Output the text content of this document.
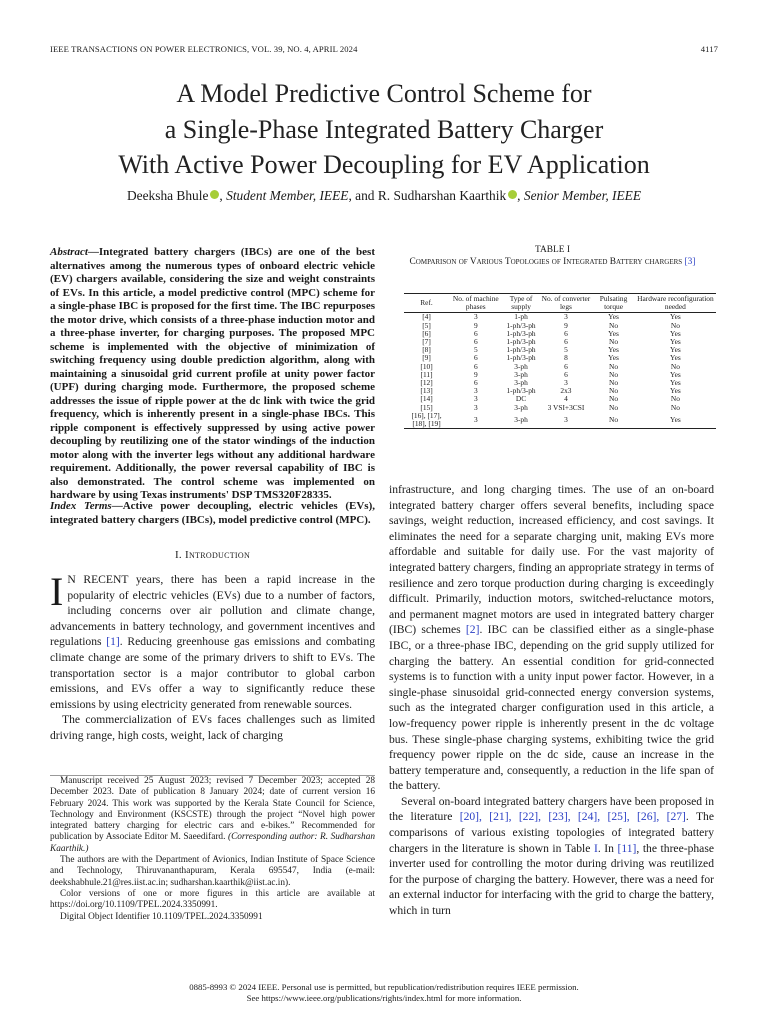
IEEE TRANSACTIONS ON POWER ELECTRONICS, VOL. 39, NO. 4, APRIL 2024	4117
A Model Predictive Control Scheme for
a Single-Phase Integrated Battery Charger
With Active Power Decoupling for EV Application
Deeksha Bhule , Student Member, IEEE, and R. Sudharshan Kaarthik , Senior Member, IEEE
Abstract—Integrated battery chargers (IBCs) are one of the best alternatives among the numerous types of onboard electric vehicle (EV) chargers available, considering the size and weight constraints of EVs. In this article, a model predictive control (MPC) scheme for a single-phase IBC is proposed for the first time. The IBC repurposes the motor drive, which consists of a three-phase induction motor and a three-phase inverter, for charging purposes. The proposed MPC scheme is implemented with the objective of minimization of switching frequency using double prediction algorithm, along with maintaining a sinusoidal grid current profile at unity power factor (UPF) during charging mode. Furthermore, the proposed scheme addresses the issue of ripple power at the dc link with twice the grid frequency, which is inherently present in a single-phase IBCs. This ripple component is effectively suppressed by using active power decoupling by reutilizing one of the stator windings of the induction motor along with the inverter legs without any additional hardware requirement. Additionally, the power reversal capability of IBC is also demonstrated. The control scheme was implemented on hardware by using Texas instruments' DSP TMS320F28335.
Index Terms—Active power decoupling, electric vehicles (EVs), integrated battery chargers (IBCs), model predictive control (MPC).
I. Introduction
I N RECENT years, there has been a rapid increase in the popularity of electric vehicles (EVs) due to a number of factors, including concerns over air pollution and climate change, advancements in battery technology, and government incentives and regulations [1]. Reducing greenhouse gas emissions and combating climate change are some of the primary drivers to shift to EVs. The transportation sector is a major contributor to global carbon emissions, and EVs offer a way to significantly reduce these emissions by using electricity generated from renewable sources.
The commercialization of EVs faces challenges such as limited driving range, high costs, weight, lack of charging

Manuscript received 25 August 2023; revised 7 December 2023; accepted 28 December 2023. Date of publication 8 January 2024; date of current version 16 February 2024. This work was supported by the Kerala State Council for Science, Technology and Environment (KSCSTE) through the project “Novel high power integrated battery charging for electric cars and e-bikes.” Recommended for publication by Associate Editor M. Saeedifard. (Corresponding author: R. Sudharshan Kaarthik.)

The authors are with the Department of Avionics, Indian Institute of Space Science and Technology, Thiruvananthapuram, Kerala 695547, India (e-mail: deekshabhule.21@res.iist.ac.in; sudharshan.kaarthik@iist.ac.in).

Color versions of one or more figures in this article are available at https://doi.org/10.1109/TPEL.2024.3350991.

Digital Object Identifier 10.1109/TPEL.2024.3350991

TABLE I
Comparison of Various Topologies of Integrated Battery chargers [3]
Ref.	No. of machine phases	Type of supply	No. of converter legs	Pulsating torque	Hardware reconfiguration needed
[4]	3	1-ph	3	Yes	Yes
[5]	9	1-ph/3-ph	9	No	No
[6]	6	1-ph/3-ph	6	Yes	Yes
[7]	6	1-ph/3-ph	6	No	Yes
[8]	5	1-ph/3-ph	5	Yes	Yes
[9]	6	1-ph/3-ph	8	Yes	Yes
[10]	6	3-ph	6	No	No
[11]	9	3-ph	6	No	Yes
[12]	6	3-ph	3	No	Yes
[13]	3	1-ph/3-ph	2x3	No	Yes
[14]	3	DC	4	No	No
[15]	3	3-ph	3 VSI+3CSI	No	No
[16], [17], [18], [19]	3	3-ph	3	No	Yes

infrastructure, and long charging times. The use of an on-board integrated battery charger offers several benefits, including space savings, weight reduction, increased efficiency, and cost savings. It eliminates the need for a separate charging unit, making EVs more affordable and suitable for daily use. For the vast majority of integrated battery chargers, finding an appropriate strategy in terms of resilience and zero torque production during charging is exceedingly difficult. Primarily, induction motors, switched-reluctance motors, and permanent magnet motors are used in integrated battery charger (IBC) schemes [2]. IBC can be classified either as a single-phase IBC, or a three-phase IBC, depending on the grid supply utilized for charging the battery. An essential condition for grid-connected systems is to function with a unity input power factor. However, in a single-phase sinusoidal grid-connected energy conversion systems, such as the integrated charger configuration used in this article, a low-frequency power ripple is inherently present in the dc voltage bus. These single-phase charging systems, exhibiting twice the grid frequency power ripple on the dc side, cause an increase in the battery temperature and, consequently, a reduction in the life span of the battery.

Several on-board integrated battery chargers have been proposed in the literature [20], [21], [22], [23], [24], [25], [26], [27]. The comparisons of various existing topologies of integrated battery chargers in the literature is shown in Table I. In [11], the three-phase inverter used for controlling the motor during driving was reutilized for the purpose of charging the battery. However, there was a need for an external inductor for interfacing with the grid to charge the battery, which in turn

0885-8993 © 2024 IEEE. Personal use is permitted, but republication/redistribution requires IEEE permission.
See https://www.ieee.org/publications/rights/index.html for more information.
